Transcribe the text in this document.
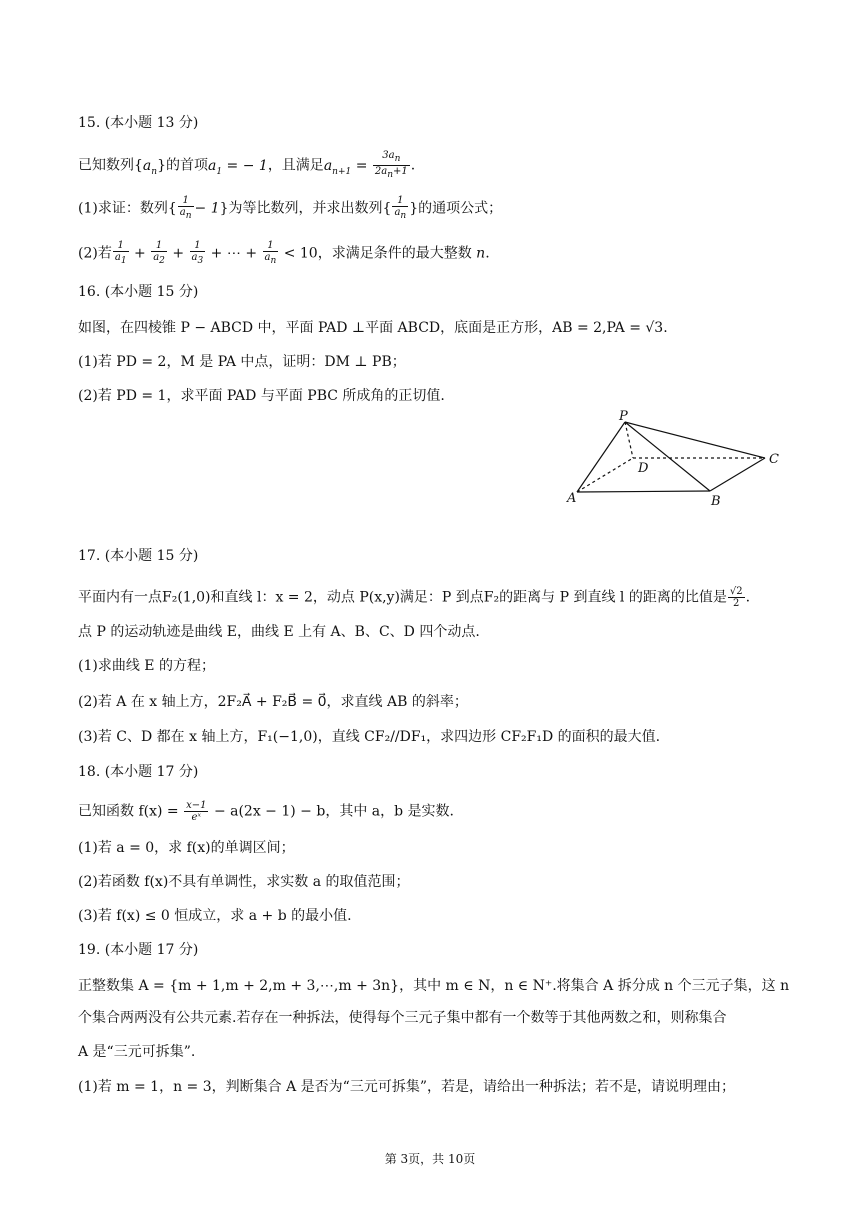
15. (本小题 13 分)
已知数列$\{a_n\}$的首项$a_1$ = − 1，且满足$a_{n+1} = \frac{3a_n}{2a_n+1}$ .
(1)求证：数列{ $\frac{1}{a_n} - 1$}为等比数列，并求出数列{ $\frac{1}{a_n}$ }的通项公式；
(2)若 $\frac{1}{a_1} + \frac{1}{a_2} + \frac{1}{a_3}$ + ⋯ + $\frac{1}{a_n} < 10$，求满足条件的最大整数 n.
16. (本小题 15 分)
如图，在四棱锥 P − ABCD 中，平面 PAD ⊥平面 ABCD，底面是正方形，AB = 2,PA = √3.
(1)若 PD = 2，M 是 PA 中点，证明：DM ⊥ PB；
(2)若 PD = 1，求平面 PAD 与平面 PBC 所成角的正切值.
P
D
C
A	B
17. (本小题 15 分)
平面内有一点F₂(1,0)和直线 l：x = 2，动点 P(x,y)满足：P 到点F₂的距离与 P 到直线 l 的距离的比值是 $\frac{√2}{2}$ .
点 P 的运动轨迹是曲线 E，曲线 E 上有 A、B、C、D 四个动点.
(1)求曲线 E 的方程；
(2)若 A 在 x 轴上方，2F₂A⃗ + F₂B⃗ = 0⃗，求直线 AB 的斜率；
(3)若 C、D 都在 x 轴上方，F₁(−1,0)，直线 CF₂//DF₁，求四边形 CF₂F₁D 的面积的最大值.
18. (本小题 17 分)
已知函数 $f(x) = \frac{x-1}{\text{eˣ}} - a(2x - 1) - b$，其中 a，b 是实数.
(1)若 a = 0，求 f(x)的单调区间；
(2)若函数 f(x)不具有单调性，求实数 a 的取值范围；
(3)若 f(x) ≤ 0 恒成立，求 a + b 的最小值.
19. (本小题 17 分)
正整数集 A = {m + 1,m + 2,m + 3,⋯,m + 3n}，其中 m ∈ N，n ∈ N⁺.将集合 A 拆分成 n 个三元子集，这 n
个集合两两没有公共元素.若存在一种拆法，使得每个三元子集中都有一个数等于其他两数之和，则称集合
A 是“三元可拆集”.
(1)若 m = 1，n = 3，判断集合 A 是否为“三元可拆集”，若是，请给出一种拆法；若不是，请说明理由；
第 3页，共 10页
